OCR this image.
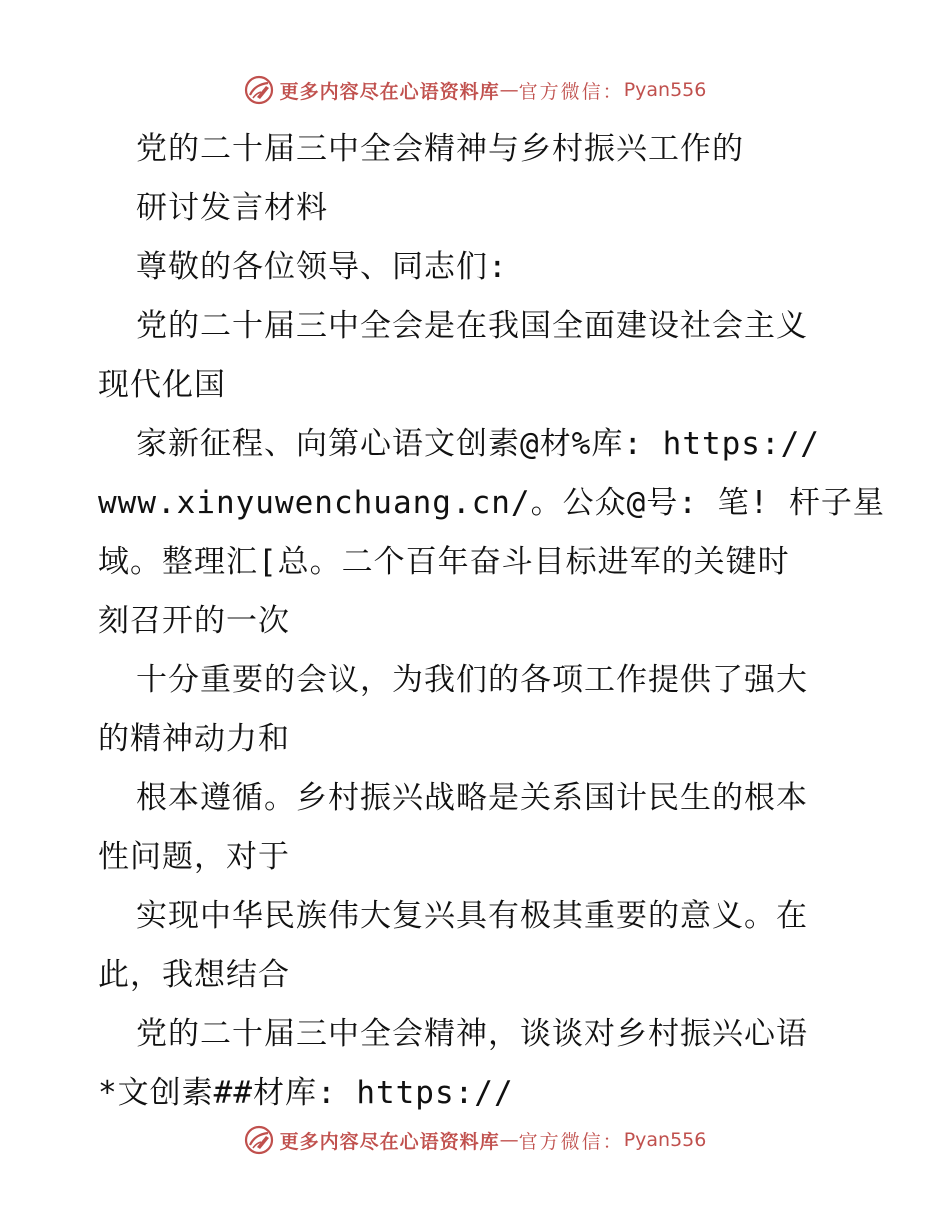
更多内容尽在心语资料库 — 官方微信： Pyan556
党的二十届三中全会精神与乡村振兴工作的
研讨发言材料
尊敬的各位领导、同志们:
党的二十届三中全会是在我国全面建设社会主义
现代化国
家新征程、向第心语文创素@材%库: https://
www.xinyuwenchuang.cn/。公众@号: 笔! 杆子星
域。整理汇[总。二个百年奋斗目标进军的关键时
刻召开的一次
十分重要的会议，为我们的各项工作提供了强大
的精神动力和
根本遵循。乡村振兴战略是关系国计民生的根本
性问题，对于
实现中华民族伟大复兴具有极其重要的意义。在
此，我想结合
党的二十届三中全会精神，谈谈对乡村振兴心语
*文创素##材库: https://
更多内容尽在心语资料库 — 官方微信： Pyan556
